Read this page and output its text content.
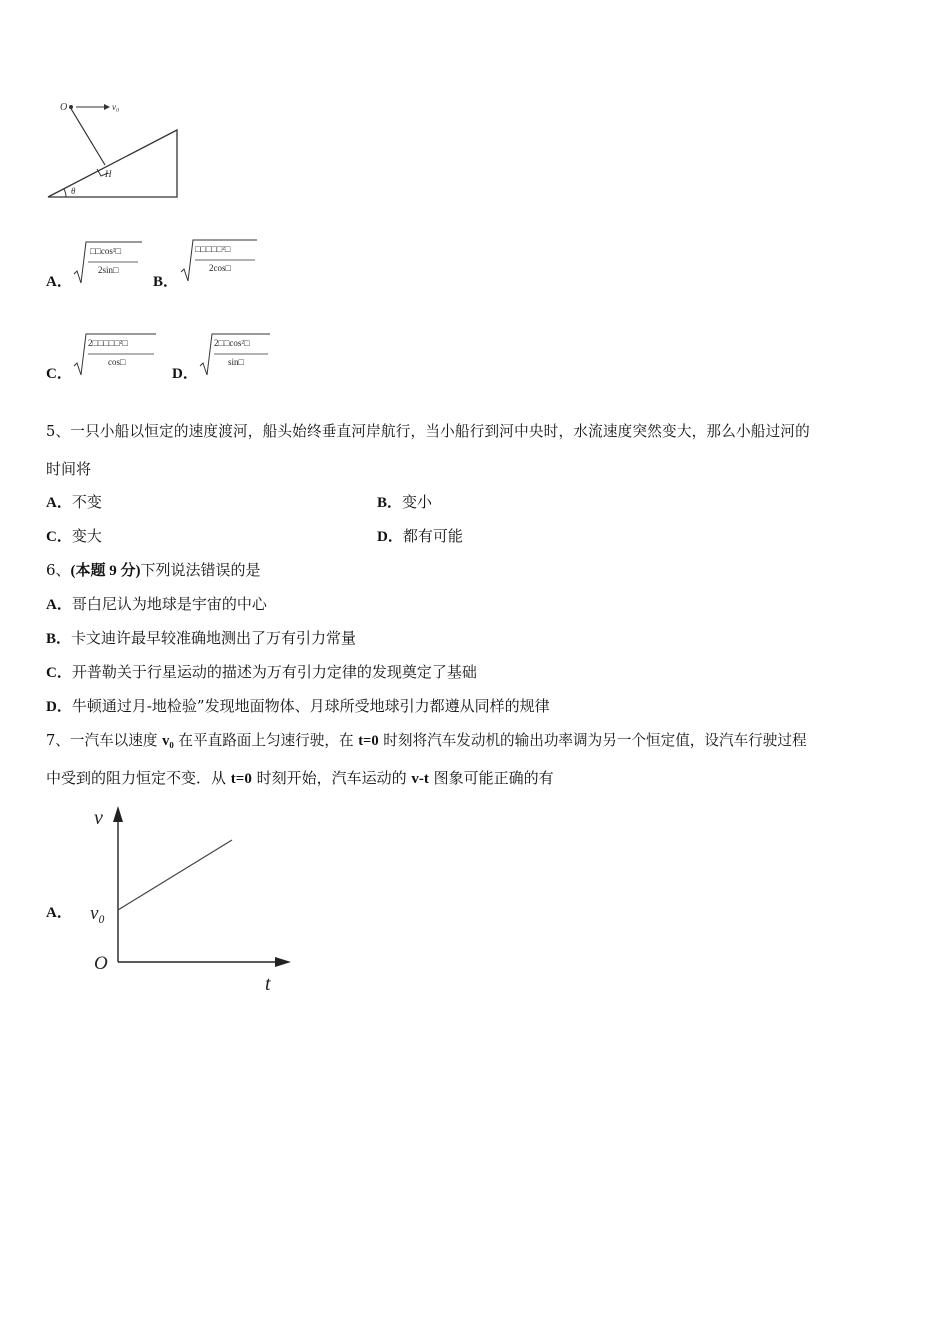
O	v₀
H
θ
A．
□□cos²□
2sin□
B．
□□□□□²□
2cos□
C．
2□□□□□²□
cos□
D．
2□□cos²□
sin□
5、一只小船以恒定的速度渡河，船头始终垂直河岸航行，当小船行到河中央时，水流速度突然变大，那么小船过河的
时间将
A．不变	B．变小
C．变大	D．都有可能
6、(本题 9 分)下列说法错误的是
A．哥白尼认为地球是宇宙的中心
B．卡文迪许最早较准确地测出了万有引力常量
C．开普勒关于行星运动的描述为万有引力定律的发现奠定了基础
D．牛顿通过月-地检验”发现地面物体、月球所受地球引力都遵从同样的规律
7、一汽车以速度 v₀ 在平直路面上匀速行驶，在 t=0 时刻将汽车发动机的输出功率调为另一个恒定值，设汽车行驶过程
中受到的阻力恒定不变．从 t=0 时刻开始，汽车运动的 v-t 图象可能正确的有
A．
v
v₀
O
t
